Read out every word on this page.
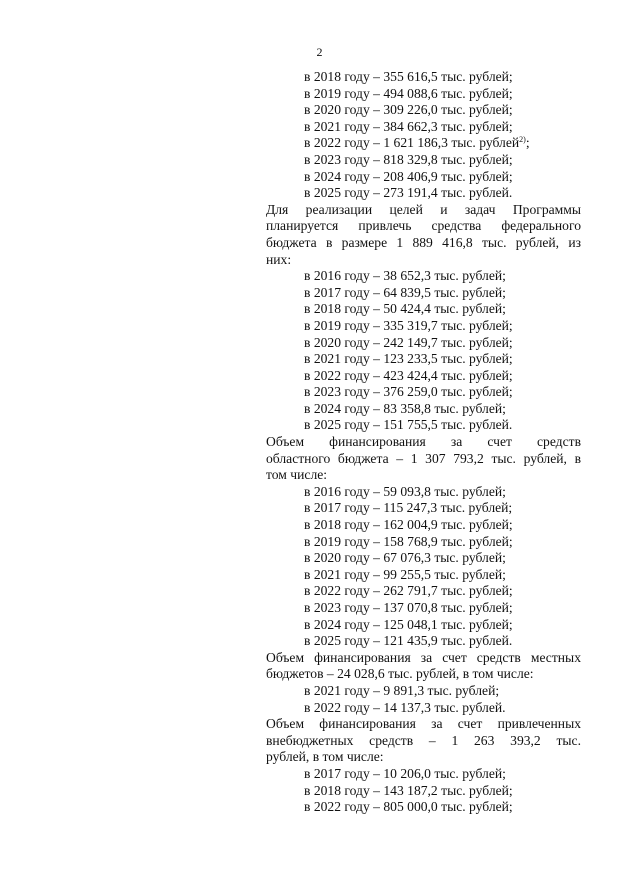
2
в 2018 году – 355 616,5 тыс. рублей;
в 2019 году – 494 088,6 тыс. рублей;
в 2020 году – 309 226,0 тыс. рублей;
в 2021 году – 384 662,3 тыс. рублей;
в 2022 году – 1 621 186,3 тыс. рублей$^{2)}$;
в 2023 году – 818 329,8 тыс. рублей;
в 2024 году – 208 406,9 тыс. рублей;
в 2025 году – 273 191,4 тыс. рублей.
Для реализации целей и задач Программы
планируется привлечь средства федерального
бюджета в размере 1 889 416,8 тыс. рублей, из
них:
в 2016 году – 38 652,3 тыс. рублей;
в 2017 году – 64 839,5 тыс. рублей;
в 2018 году – 50 424,4 тыс. рублей;
в 2019 году – 335 319,7 тыс. рублей;
в 2020 году – 242 149,7 тыс. рублей;
в 2021 году – 123 233,5 тыс. рублей;
в 2022 году – 423 424,4 тыс. рублей;
в 2023 году – 376 259,0 тыс. рублей;
в 2024 году – 83 358,8 тыс. рублей;
в 2025 году – 151 755,5 тыс. рублей.
Объем финансирования за счет средств
областного бюджета – 1 307 793,2 тыс. рублей, в
том числе:
в 2016 году – 59 093,8 тыс. рублей;
в 2017 году – 115 247,3 тыс. рублей;
в 2018 году – 162 004,9 тыс. рублей;
в 2019 году – 158 768,9 тыс. рублей;
в 2020 году – 67 076,3 тыс. рублей;
в 2021 году – 99 255,5 тыс. рублей;
в 2022 году – 262 791,7 тыс. рублей;
в 2023 году – 137 070,8 тыс. рублей;
в 2024 году – 125 048,1 тыс. рублей;
в 2025 году – 121 435,9 тыс. рублей.
Объем финансирования за счет средств местных
бюджетов – 24 028,6 тыс. рублей, в том числе:
в 2021 году – 9 891,3 тыс. рублей;
в 2022 году – 14 137,3 тыс. рублей.
Объем финансирования за счет привлеченных
внебюджетных средств – 1 263 393,2 тыс.
рублей, в том числе:
в 2017 году – 10 206,0 тыс. рублей;
в 2018 году – 143 187,2 тыс. рублей;
в 2022 году – 805 000,0 тыс. рублей;
